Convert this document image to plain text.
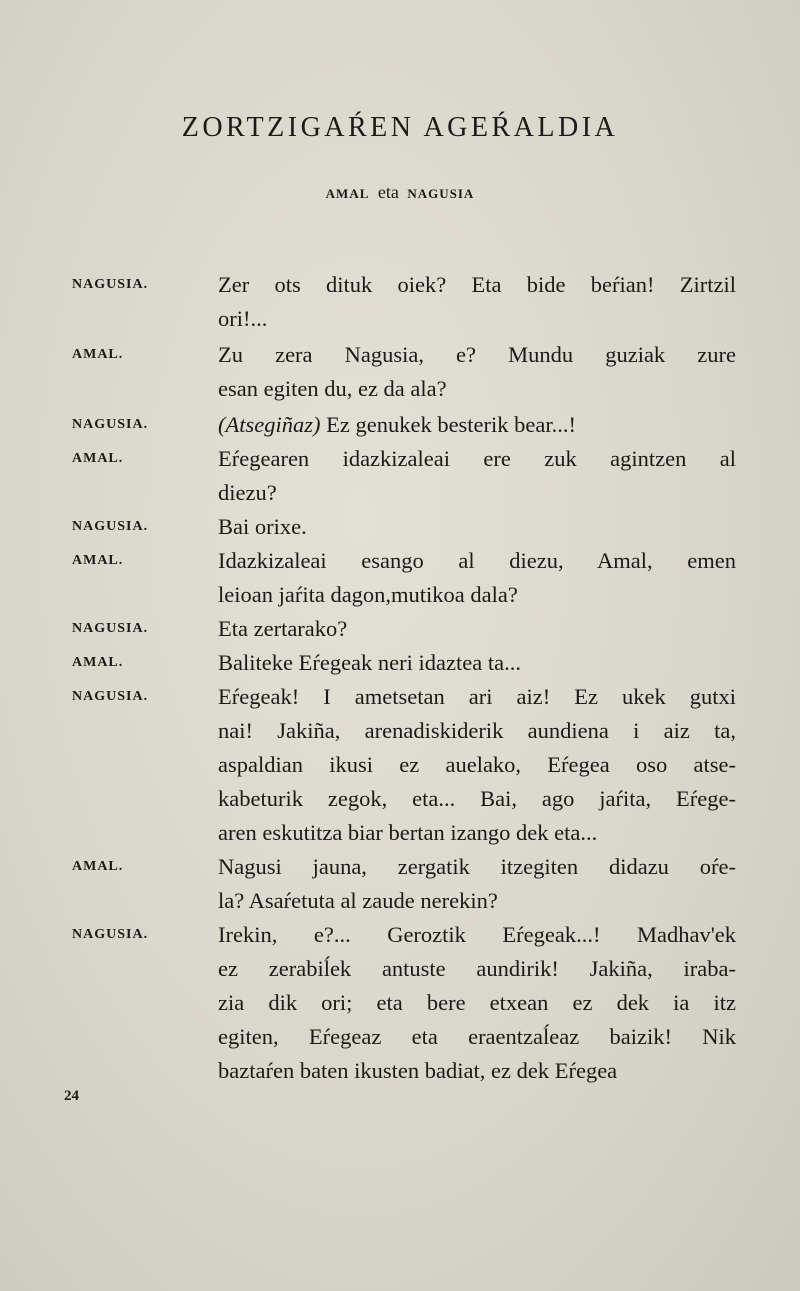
ZORTZIGAŔEN AGEŔALDIA
AMAL eta NAGUSIA
NAGUSIA.	Zer ots dituk oiek? Eta bide beŕian! Zirtzil
ori!...
AMAL.	Zu zera Nagusia, e? Mundu guziak zure
esan egiten du, ez da ala?
NAGUSIA.	(Atsegiñaz) Ez genukek besterik bear...!
AMAL.	Eŕegearen idazkizaleai ere zuk agintzen al
diezu?
NAGUSIA.	Bai orixe.
AMAL.	Idazkizaleai esango al diezu, Amal, emen
leioan jaŕita dagon,mutikoa dala?
NAGUSIA.	Eta zertarako?
AMAL.	Baliteke Eŕegeak neri idaztea ta...
NAGUSIA.	Eŕegeak! I ametsetan ari aiz! Ez ukek gutxi
nai! Jakiña, arenadiskiderik aundiena i aiz ta,
aspaldian ikusi ez auelako, Eŕegea oso atse-
kabeturik zegok, eta... Bai, ago jaŕita, Eŕege-
aren eskutitza biar bertan izango dek eta...
AMAL.	Nagusi jauna, zergatik itzegiten didazu oŕe-
la? Asaŕetuta al zaude nerekin?
NAGUSIA.	Irekin, e?... Geroztik Eŕegeak...! Madhav'ek
ez zerabiĺek antuste aundirik! Jakiña, iraba-
zia dik ori; eta bere etxean ez dek ia itz
egiten, Eŕegeaz eta eraentzaĺeaz baizik! Nik
baztaŕen baten ikusten badiat, ez dek Eŕegea
24
